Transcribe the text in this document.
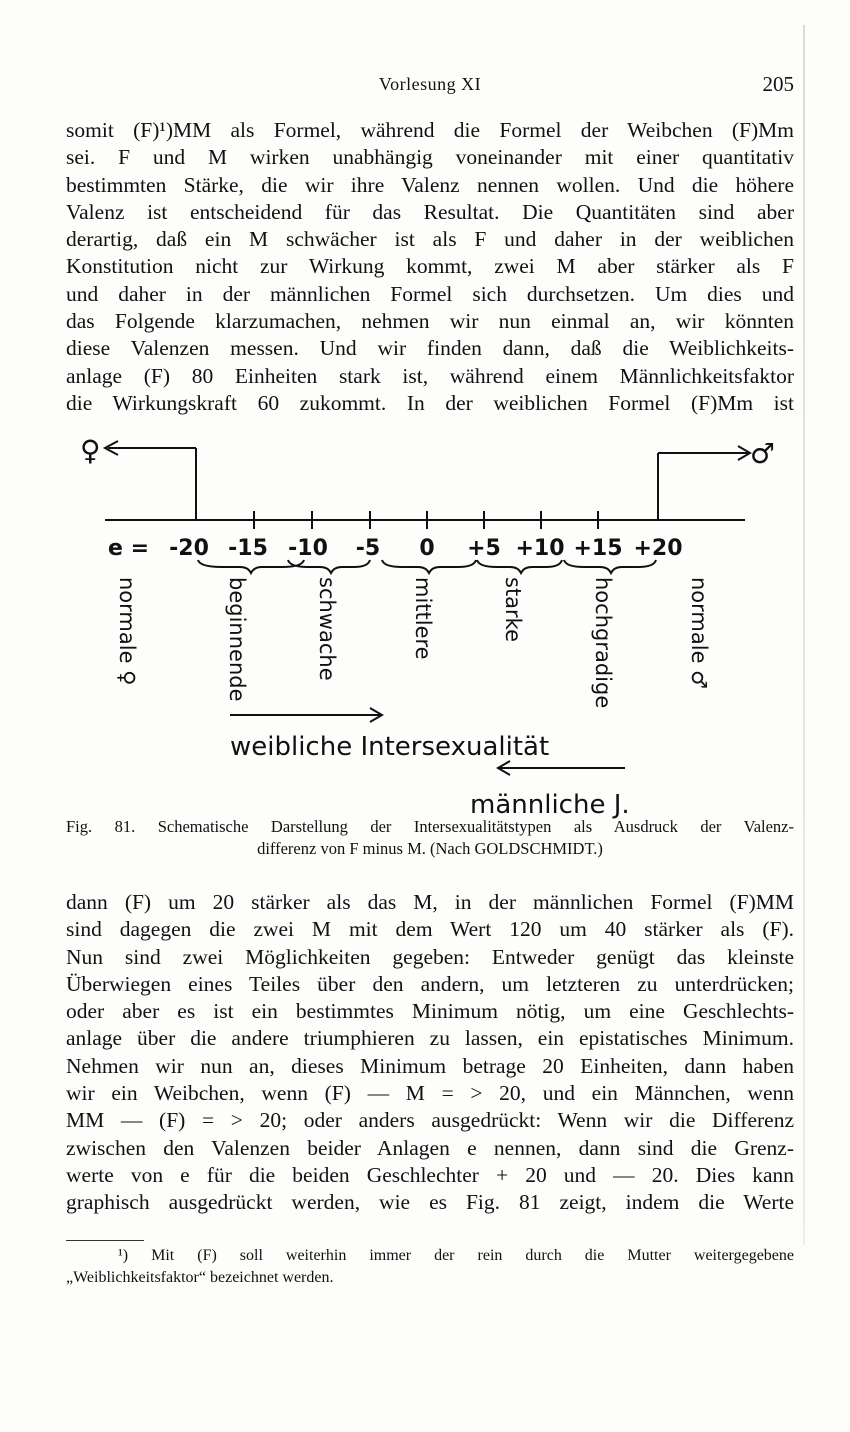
Vorlesung XI	205
somit (F)¹)MM als Formel, während die Formel der Weibchen (F)Mm
sei. F und M wirken unabhängig voneinander mit einer quantitativ
bestimmten Stärke, die wir ihre Valenz nennen wollen. Und die höhere
Valenz ist entscheidend für das Resultat. Die Quantitäten sind aber
derartig, daß ein M schwächer ist als F und daher in der weiblichen
Konstitution nicht zur Wirkung kommt, zwei M aber stärker als F
und daher in der männlichen Formel sich durchsetzen. Um dies und
das Folgende klarzumachen, nehmen wir nun einmal an, wir könnten
diese Valenzen messen. Und wir finden dann, daß die Weiblichkeits-
anlage (F) 80 Einheiten stark ist, während einem Männlichkeitsfaktor
die Wirkungskraft 60 zukommt. In der weiblichen Formel (F)Mm ist
♀	♂
e = -20 -15 -10 -5 0 +5 +10 +15 +20
normale ♀	beginnende	schwache	mittlere	starke	hochgradige	normale ♂
weibliche Intersexualität
männliche J.
Fig. 81. Schematische Darstellung der Intersexualitätstypen als Ausdruck der Valenz-
differenz von F minus M. (Nach GOLDSCHMIDT.)
dann (F) um 20 stärker als das M, in der männlichen Formel (F)MM
sind dagegen die zwei M mit dem Wert 120 um 40 stärker als (F).
Nun sind zwei Möglichkeiten gegeben: Entweder genügt das kleinste
Überwiegen eines Teiles über den andern, um letzteren zu unterdrücken;
oder aber es ist ein bestimmtes Minimum nötig, um eine Geschlechts-
anlage über die andere triumphieren zu lassen, ein epistatisches Minimum.
Nehmen wir nun an, dieses Minimum betrage 20 Einheiten, dann haben
wir ein Weibchen, wenn (F) — M = > 20, und ein Männchen, wenn
MM — (F) = > 20; oder anders ausgedrückt: Wenn wir die Differenz
zwischen den Valenzen beider Anlagen e nennen, dann sind die Grenz-
werte von e für die beiden Geschlechter + 20 und — 20. Dies kann
graphisch ausgedrückt werden, wie es Fig. 81 zeigt, indem die Werte
¹) Mit (F) soll weiterhin immer der rein durch die Mutter weitergegebene
„Weiblichkeitsfaktor“ bezeichnet werden.
